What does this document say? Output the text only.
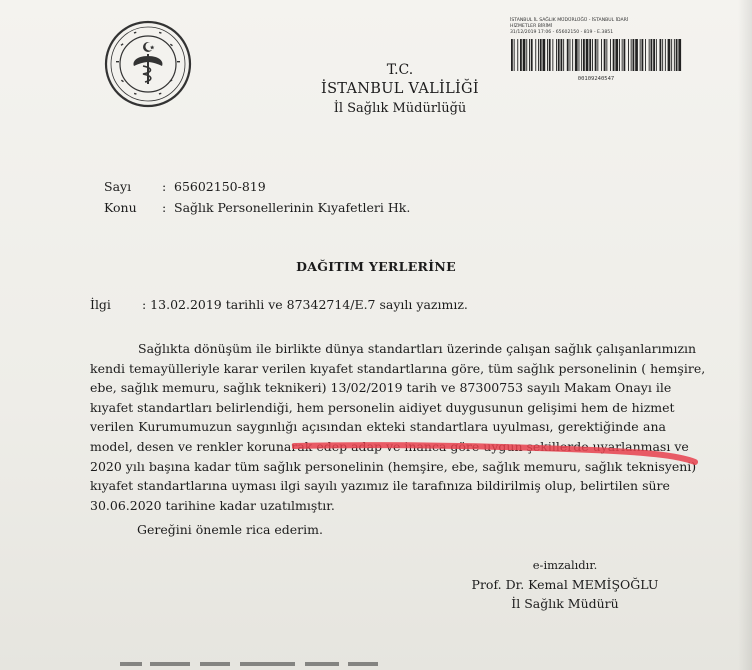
T.C.
İSTANBUL VALİLİĞİ
İl Sağlık Müdürlüğü
İSTANBUL İL SAĞLIK MÜDÜRLÜĞÜ - İSTANBUL İDARİ
HİZMETLER BİRİMİ
31/12/2019 17:06 - 65602150 - 819 - E.3851
00109240547
Sayı	: 65602150-819
Konu	: Sağlık Personellerinin Kıyafetleri Hk.
DAĞITIM YERLERİNE
İlgi	: 13.02.2019 tarihli ve 87342714/E.7 sayılı yazımız.
Sağlıkta dönüşüm ile birlikte dünya standartları üzerinde çalışan sağlık çalışanlarımızın
kendi temayülleriyle karar verilen kıyafet standartlarına göre, tüm sağlık personelinin ( hemşire,
ebe, sağlık memuru, sağlık teknikeri) 13/02/2019 tarih ve 87300753 sayılı Makam Onayı ile
kıyafet standartları belirlendiği, hem personelin aidiyet duygusunun gelişimi hem de hizmet
verilen Kurumumuzun saygınlığı açısından ekteki standartlara uyulması, gerektiğinde ana
model, desen ve renkler korunarak edep adap ve inanca göre uygun şekillerde uyarlanması ve
2020 yılı başına kadar tüm sağlık personelinin (hemşire, ebe, sağlık memuru, sağlık teknisyeni)
kıyafet standartlarına uyması ilgi sayılı yazımız ile tarafınıza bildirilmiş olup, belirtilen süre
30.06.2020 tarihine kadar uzatılmıştır.
Gereğini önemle rica ederim.
e-imzalıdır.
Prof. Dr. Kemal MEMİŞOĞLU
İl Sağlık Müdürü
